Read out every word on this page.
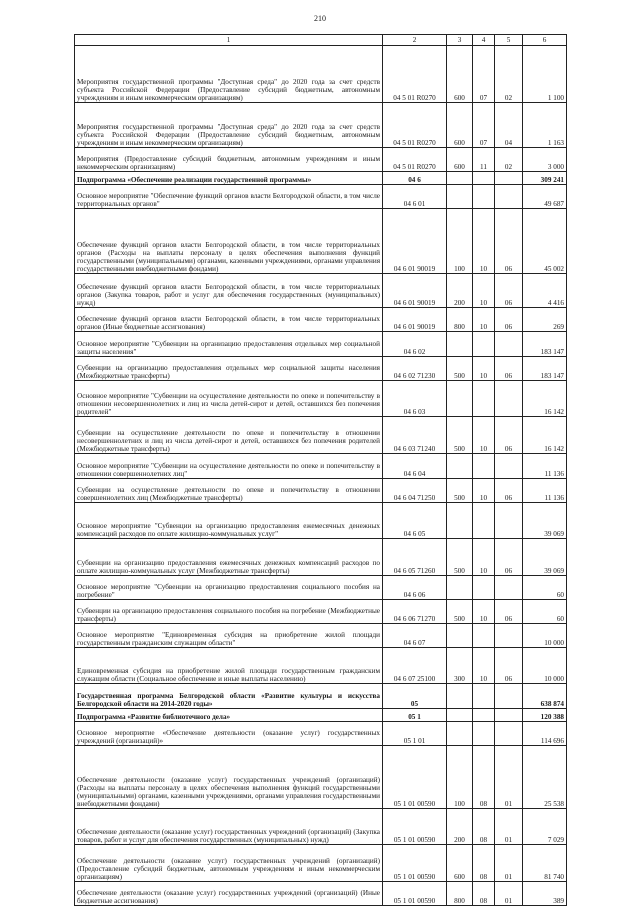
210
1	2	3	4	5	6
Мероприятия государственной программы "Доступная среда" до 2020 года за счет средств субъекта Российской Федерации (Предоставление субсидий бюджетным, автономным учреждениям и иным некоммерческим организациям)	04 5 01 R0270	600	07	02	1 100
Мероприятия государственной программы "Доступная среда" до 2020 года за счет средств субъекта Российской Федерации (Предоставление субсидий бюджетным, автономным учреждениям и иным некоммерческим организациям)	04 5 01 R0270	600	07	04	1 163
Мероприятия (Предоставление субсидий бюджетным, автономным учреждениям и иным некоммерческим организациям)	04 5 01 R0270	600	11	02	3 000
Подпрограмма «Обеспечение реализации государственной программы»	04 6				309 241
Основное мероприятие "Обеспечение функций органов власти Белгородской области, в том числе территориальных органов"	04 6 01				49 687
Обеспечение функций органов власти Белгородской области, в том числе территориальных органов (Расходы на выплаты персоналу в целях обеспечения выполнения функций государственными (муниципальными) органами, казенными учреждениями, органами управления государственными внебюджетными фондами)	04 6 01 90019	100	10	06	45 002
Обеспечение функций органов власти Белгородской области, в том числе территориальных органов (Закупка товаров, работ и услуг для обеспечения государственных (муниципальных) нужд)	04 6 01 90019	200	10	06	4 416
Обеспечение функций органов власти Белгородской области, в том числе территориальных органов (Иные бюджетные ассигнования)	04 6 01 90019	800	10	06	269
Основное мероприятие "Субвенции на организацию предоставления отдельных мер социальной защиты населения"	04 6 02				183 147
Субвенции на организацию предоставления отдельных мер социальной защиты населения (Межбюджетные трансферты)	04 6 02 71230	500	10	06	183 147
Основное мероприятие "Субвенции на осуществление деятельности по опеке и попечительству в отношении несовершеннолетних и лиц из числа детей-сирот и детей, оставшихся без попечения родителей"	04 6 03				16 142
Субвенции на осуществление деятельности по опеке и попечительству в отношении несовершеннолетних и лиц из числа детей-сирот и детей, оставшихся без попечения родителей (Межбюджетные трансферты)	04 6 03 71240	500	10	06	16 142
Основное мероприятие "Субвенции на осуществление деятельности по опеке и попечительству в отношении совершеннолетних лиц"	04 6 04				11 136
Субвенции на осуществление деятельности по опеке и попечительству в отношении совершеннолетних лиц (Межбюджетные трансферты)	04 6 04 71250	500	10	06	11 136
Основное мероприятие "Субвенции на организацию предоставления ежемесячных денежных компенсаций расходов по оплате жилищно-коммунальных услуг"	04 6 05				39 069
Субвенции на организацию предоставления ежемесячных денежных компенсаций расходов по оплате жилищно-коммунальных услуг (Межбюджетные трансферты)	04 6 05 71260	500	10	06	39 069
Основное мероприятие "Субвенции на организацию предоставления социального пособия на погребение"	04 6 06				60
Субвенции на организацию предоставления социального пособия на погребение (Межбюджетные трансферты)	04 6 06 71270	500	10	06	60
Основное мероприятие "Единовременная субсидия на приобретение жилой площади государственным гражданским служащим области"	04 6 07				10 000
Единовременная субсидия на приобретение жилой площади государственным гражданским служащим области (Социальное обеспечение и иные выплаты населению)	04 6 07 25100	300	10	06	10 000
Государственная программа Белгородской области «Развитие культуры и искусства Белгородской области на 2014-2020 годы»	05				638 874
Подпрограмма «Развитие библиотечного дела»	05 1				120 388
Основное мероприятие «Обеспечение деятельности (оказание услуг) государственных учреждений (организаций)»	05 1 01				114 696
Обеспечение деятельности (оказание услуг) государственных учреждений (организаций) (Расходы на выплаты персоналу в целях обеспечения выполнения функций государственными (муниципальными) органами, казенными учреждениями, органами управления государственными внебюджетными фондами)	05 1 01 00590	100	08	01	25 538
Обеспечение деятельности (оказание услуг) государственных учреждений (организаций) (Закупка товаров, работ и услуг для обеспечения государственных (муниципальных) нужд)	05 1 01 00590	200	08	01	7 029
Обеспечение деятельности (оказание услуг) государственных учреждений (организаций) (Предоставление субсидий бюджетным, автономным учреждениям и иным некоммерческим организациям)	05 1 01 00590	600	08	01	81 740
Обеспечение деятельности (оказание услуг) государственных учреждений (организаций) (Иные бюджетные ассигнования)	05 1 01 00590	800	08	01	389
